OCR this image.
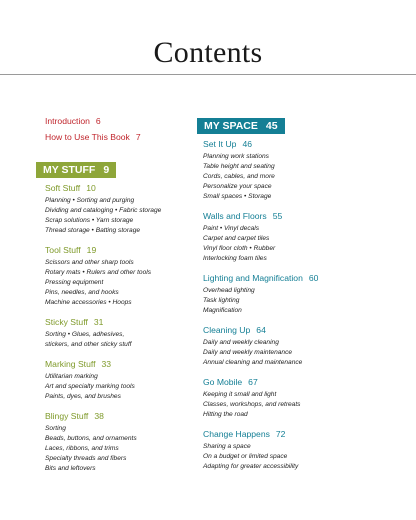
Contents
Introduction 6
How to Use This Book 7
MY STUFF 9
Soft Stuff 10
Planning • Sorting and purging
Dividing and cataloging • Fabric storage
Scrap solutions • Yarn storage
Thread storage • Batting storage
Tool Stuff 19
Scissors and other sharp tools
Rotary mats • Rulers and other tools
Pressing equipment
Pins, needles, and hooks
Machine accessories • Hoops
Sticky Stuff 31
Sorting • Glues, adhesives,
stickers, and other sticky stuff
Marking Stuff 33
Utilitarian marking
Art and specialty marking tools
Paints, dyes, and brushes
Blingy Stuff 38
Sorting
Beads, buttons, and ornaments
Laces, ribbons, and trims
Specialty threads and fibers
Bits and leftovers
MY SPACE 45
Set It Up 46
Planning work stations
Table height and seating
Cords, cables, and more
Personalize your space
Small spaces • Storage
Walls and Floors 55
Paint • Vinyl decals
Carpet and carpet tiles
Vinyl floor cloth • Rubber
Interlocking foam tiles
Lighting and Magnification 60
Overhead lighting
Task lighting
Magnification
Cleaning Up 64
Daily and weekly cleaning
Daily and weekly maintenance
Annual cleaning and maintenance
Go Mobile 67
Keeping it small and light
Classes, workshops, and retreats
Hitting the road
Change Happens 72
Sharing a space
On a budget or limited space
Adapting for greater accessibility
